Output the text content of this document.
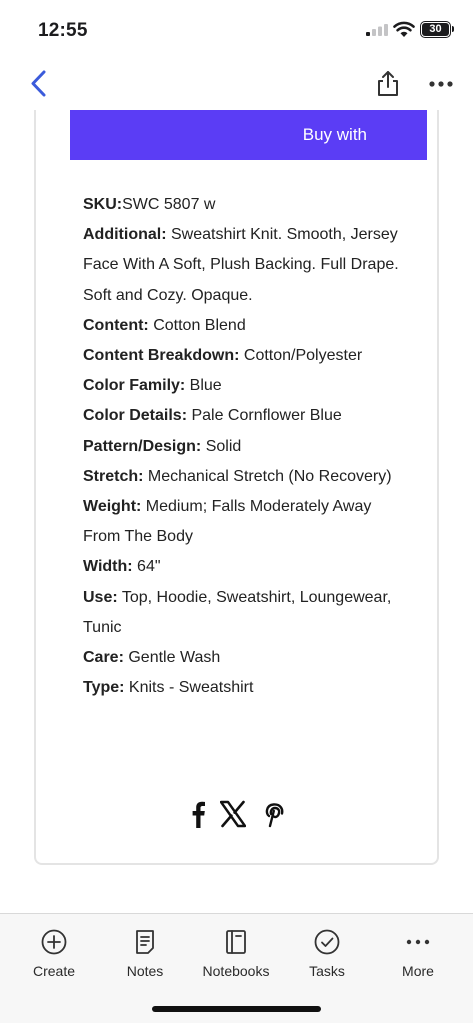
12:55	30
Buy with
SKU:SWC 5807 w
Additional: Sweatshirt Knit. Smooth, Jersey Face With A Soft, Plush Backing. Full Drape. Soft and Cozy. Opaque.
Content: Cotton Blend
Content Breakdown: Cotton/Polyester
Color Family: Blue
Color Details: Pale Cornflower Blue
Pattern/Design: Solid
Stretch: Mechanical Stretch (No Recovery)
Weight: Medium; Falls Moderately Away From The Body
Width: 64"
Use: Top, Hoodie, Sweatshirt, Loungewear, Tunic
Care: Gentle Wash
Type: Knits - Sweatshirt
Create	Notes	Notebooks	Tasks	More
